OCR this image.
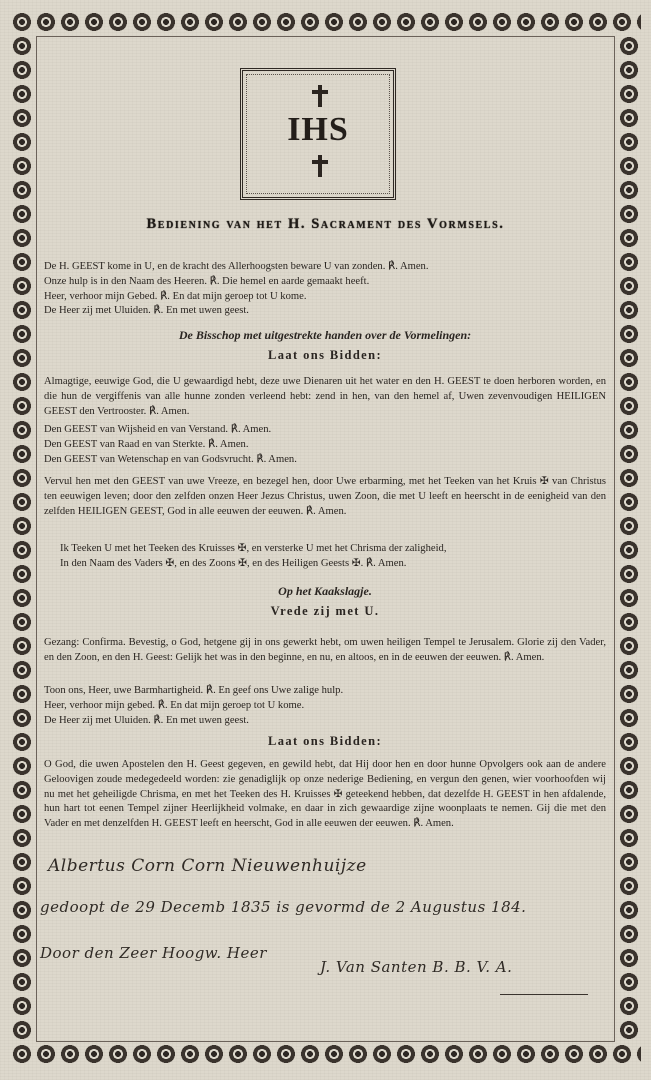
IHS
Bediening van het H. Sacrament des Vormsels.
De H. GEEST kome in U, en de kracht des Allerhoogsten beware U van zonden. ℟. Amen.
Onze hulp is in den Naam des Heeren. ℟. Die hemel en aarde gemaakt heeft.
Heer, verhoor mijn Gebed. ℟. En dat mijn geroep tot U kome.
De Heer zij met Uluiden. ℟. En met uwen geest.
De Bisschop met uitgestrekte handen over de Vormelingen:
Laat ons Bidden:
Almagtige, eeuwige God, die U gewaardigd hebt, deze uwe Dienaren uit het water en den H. GEEST te doen herboren worden, en die hun de vergiffenis van alle hunne zonden verleend hebt: zend in hen, van den hemel af, Uwen zevenvoudigen HEILIGEN GEEST den Vertrooster. ℟. Amen.
Den GEEST van Wijsheid en van Verstand. ℟. Amen.
Den GEEST van Raad en van Sterkte. ℟. Amen.
Den GEEST van Wetenschap en van Godsvrucht. ℟. Amen.
Vervul hen met den GEEST van uwe Vreeze, en bezegel hen, door Uwe erbarming, met het Teeken van het Kruis ✠ van Christus ten eeuwigen leven; door den zelfden onzen Heer Jezus Christus, uwen Zoon, die met U leeft en heerscht in de eenigheid van den zelfden HEILIGEN GEEST, God in alle eeuwen der eeuwen. ℟. Amen.
Ik Teeken U met het Teeken des Kruisses ✠, en versterke U met het Chrisma der zaligheid,
In den Naam des Vaders ✠, en des Zoons ✠, en des Heiligen Geests ✠. ℟. Amen.
Op het Kaakslagje.
Vrede zij met U.
Gezang: Confirma. Bevestig, o God, hetgene gij in ons gewerkt hebt, om uwen heiligen Tempel te Jerusalem. Glorie zij den Vader, en den Zoon, en den H. Geest: Gelijk het was in den beginne, en nu, en altoos, en in de eeuwen der eeuwen. ℟. Amen.
Toon ons, Heer, uwe Barmhartigheid. ℟. En geef ons Uwe zalige hulp.
Heer, verhoor mijn gebed. ℟. En dat mijn geroep tot U kome.
De Heer zij met Uluiden. ℟. En met uwen geest.
Laat ons Bidden:
O God, die uwen Apostelen den H. Geest gegeven, en gewild hebt, dat Hij door hen en door hunne Opvolgers ook aan de andere Geloovigen zoude medegedeeld worden: zie genadiglijk op onze nederige Bediening, en vergun den genen, wier voorhoofden wij nu met het geheiligde Chrisma, en met het Teeken des H. Kruisses ✠ geteekend hebben, dat dezelfde H. GEEST in hen afdalende, hun hart tot eenen Tempel zijner Heerlijkheid volmake, en daar in zich gewaardige zijne woonplaats te nemen. Gij die met den Vader en met denzelfden H. GEEST leeft en heerscht, God in alle eeuwen der eeuwen. ℟. Amen.
Albertus Corn Corn Nieuwenhuijze
gedoopt de 29 Decemb 1835 is gevormd de 2 Augustus 184.
Door den Zeer Hoogw. Heer
J. Van Santen B. B. V. A.
